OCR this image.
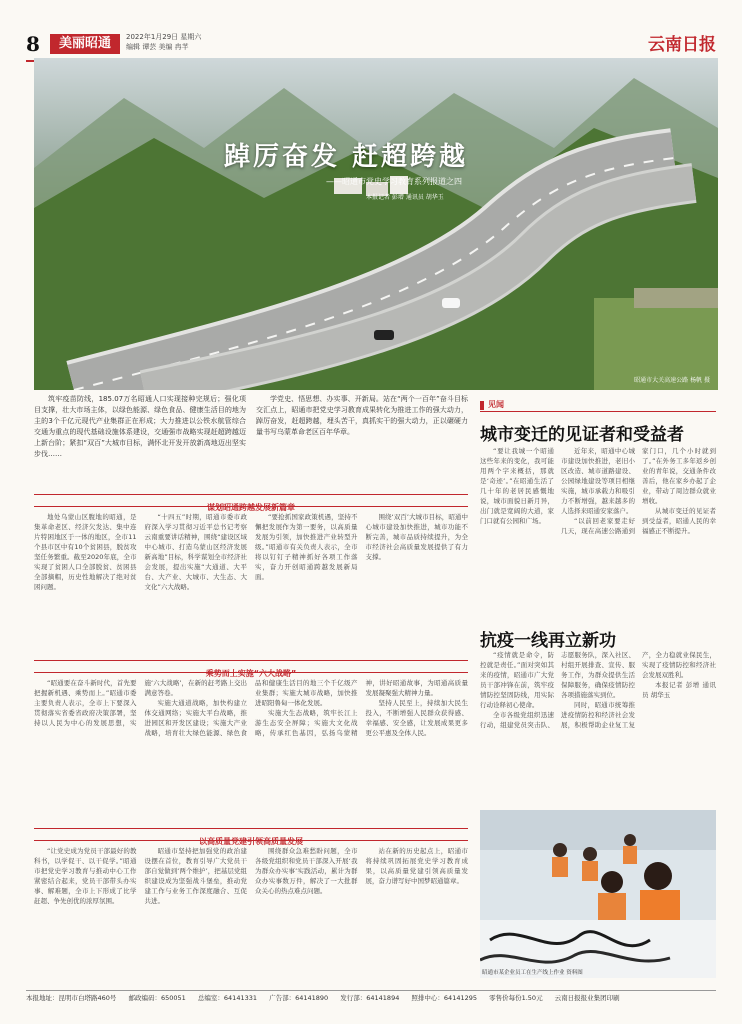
8	美丽昭通	2022年1月29日 星期六
编辑 谭芸 美编 冉芊	云南日报
踔厉奋发 赶超跨越
——昭通市党史学习教育系列报道之四
本报记者 彭增 通讯员 胡华玉
昭通市大关高速公路 杨帆 摄

筑牢疫苗防线，185.07万名昭通人口实现接种完规后；强化项目支撑，壮大市场主体，以绿色能源、绿色食品、健康生活目的地为主的3个千亿元现代产业集群正在形成；大力推进以公铁水航管综合交通为重点的现代基础设施体系建设，交通强市战略实现赶超跨越迈上新台阶；紧扣“双百”大城市目标，满怀北开发开放新高地迈出坚实步伐……

学党史、悟思想、办实事、开新局。站在“两个一百年”奋斗目标交汇点上，昭通市把党史学习教育成果转化为推进工作的强大动力，踔厉奋发，赶超跨越，埋头苦干，真抓实干的强大动力，正以碾硬力量书写乌蒙革命老区百年华章。

谋划昭通跨越发展新篇章

地处乌蒙山区腹地的昭通，是集革命老区、经济欠发达、集中连片特困地区于一体的地区，全市11个县市区中有10个贫困县，脱贫攻坚任务繁重。截至2020年底，全市实现了贫困人口全部脱贫、贫困县全部摘帽，历史性地解决了绝对贫困问题。

“十四五”时期，昭通市委市政府深入学习贯彻习近平总书记考察云南重要讲话精神，围绕“建设区域中心城市、打造乌蒙山区经济发展新高地”目标，科学谋划全市经济社会发展，提出实施“大通道、大平台、大产业、大城市、大生态、大文化”六大战略。

“要抢抓国家政策机遇，坚持不懈把发展作为第一要务，以高质量发展为引领，加快推进产业转型升级。”昭通市有关负责人表示，全市将以钉钉子精神抓好各项工作落实，奋力开创昭通跨越发展新局面。

围绕‘双百’大城市目标，昭通中心城市建设加快推进，城市功能不断完善，城市品质持续提升，为全市经济社会高质量发展提供了有力支撑。

乘势而上实施“六大战略”

“昭通要在奋斗新时代，首先要把握新机遇、乘势而上。”昭通市委主要负责人表示，全市上下要深入贯彻落实省委省政府决策部署，坚持以人民为中心的发展思想，实施‘六大战略’，在新的赶考路上交出满意答卷。

实施大通道战略，加快构建立体交通网络；实施大平台战略，推进园区和开发区建设；实施大产业战略，培育壮大绿色能源、绿色食品和健康生活目的地三个千亿级产业集群；实施大城市战略，加快推进昭阳鲁甸一体化发展。

实施大生态战略，筑牢长江上游生态安全屏障；实施大文化战略，传承红色基因，弘扬乌蒙精神，讲好昭通故事，为昭通高质量发展凝聚强大精神力量。

坚持人民至上，持续加大民生投入，不断增强人民群众获得感、幸福感、安全感，让发展成果更多更公平惠及全体人民。

以高质量党建引领高质量发展

“让党史成为党员干部最好的教科书，以学促干、以干促学。”昭通市把党史学习教育与推动中心工作紧密结合起来，党员干部带头办实事、解难题，全市上下形成了比学赶超、争先创优的浓厚氛围。

昭通市坚持把加强党的政治建设摆在首位，教育引导广大党员干部自觉做到‘两个维护’，把基层党组织建设成为坚强战斗堡垒，推动党建工作与业务工作深度融合、互促共进。

围绕群众急难愁盼问题，全市各级党组织和党员干部深入开展‘我为群众办实事’实践活动，累计为群众办实事数万件，解决了一大批群众关心的热点难点问题。

站在新的历史起点上，昭通市将持续巩固拓展党史学习教育成果，以高质量党建引领高质量发展，奋力谱写好中国梦昭通篇章。

见闻
城市变迁的见证者和受益者

“要让我城一个昭通这些年来的变化，我可能用两个字来概括，那就是‘奇迹’。”在昭通生活了几十年的老居民感慨地说，城市面貌日新月异，出门就是宽阔的大道，家门口就有公园和广场。

近年来，昭通中心城市建设加快推进，老旧小区改造、城市道路建设、公园绿地建设等项目相继实施，城市承载力和吸引力不断增强，越来越多的人选择来昭通安家落户。

“以前回老家要走好几天，现在高速公路通到家门口，几个小时就到了。”在外务工多年返乡创业的青年说，交通条件改善后，他在家乡办起了企业，带动了周边群众就业增收。

从城市变迁的见证者到受益者，昭通人民的幸福感正不断提升。

抗疫一线再立新功

“疫情就是命令，防控就是责任。”面对突如其来的疫情，昭通市广大党员干部冲锋在前，筑牢疫情防控坚固防线，用实际行动诠释初心使命。

全市各级党组织迅速行动，组建党员突击队、志愿服务队，深入社区、村组开展排查、宣传、服务工作，为群众提供生活保障服务，确保疫情防控各项措施落实到位。

同时，昭通市统筹推进疫情防控和经济社会发展，积极帮助企业复工复产，全力稳就业保民生，实现了疫情防控和经济社会发展双胜利。

本报记者 彭增 通讯员 胡华玉

昭通市某企业员工在生产线上作业 资料图
本报地址：昆明市白塔路460号 邮政编码：650051 总编室：64141331 广告部：64141890 发行部：64141894 照排中心：64141295 零售价每份1.50元 云南日报报业集团印刷
